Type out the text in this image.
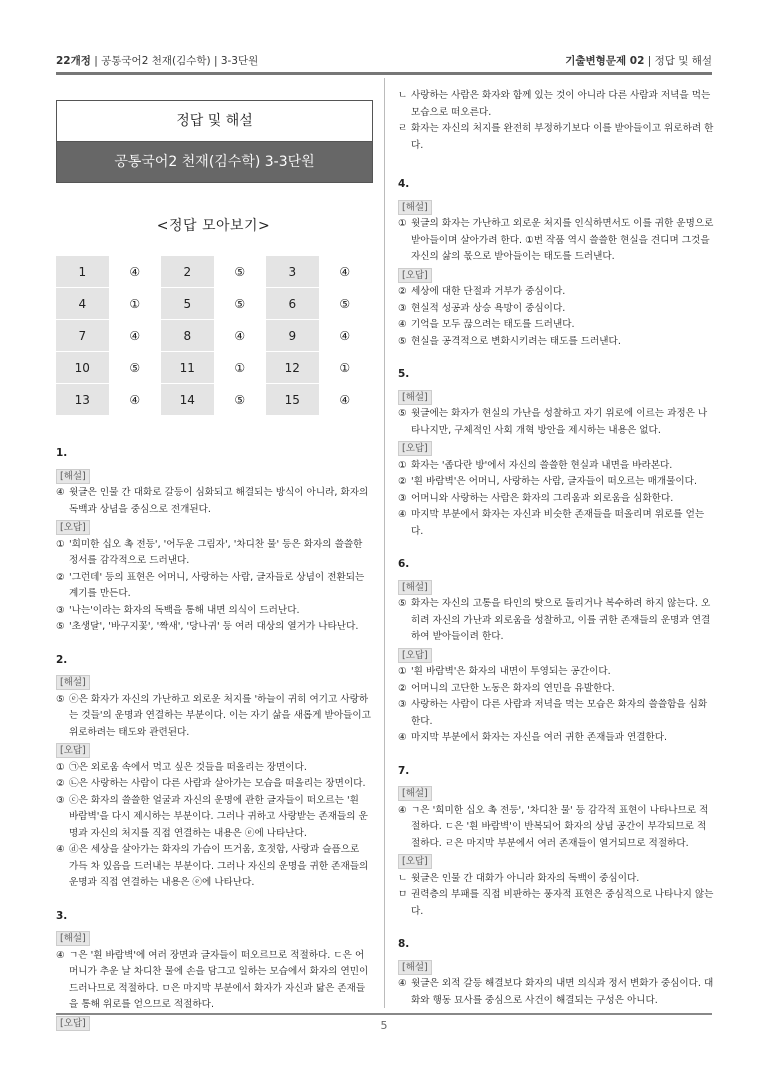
22개정 | 공통국어2 천재(김수학) | 3-3단원	기출변형문제 02 | 정답 및 해설
정답 및 해설
공통국어2 천재(김수학) 3-3단원
<정답 모아보기>
1	④	2	⑤	3	④
4	①	5	⑤	6	⑤
7	④	8	④	9	④
10	⑤	11	①	12	①
13	④	14	⑤	15	④
1.
[해설]
④ 윗글은 인물 간 대화로 갈등이 심화되고 해결되는 방식이 아니라, 화자의 독백과 상념을 중심으로 전개된다.
[오답]
① '희미한 십오 촉 전등', '어두운 그림자', '차디찬 물' 등은 화자의 쓸쓸한 정서를 감각적으로 드러낸다.
② '그런데' 등의 표현은 어머니, 사랑하는 사람, 글자들로 상념이 전환되는 계기를 만든다.
③ '나는'이라는 화자의 독백을 통해 내면 의식이 드러난다.
⑤ '초생달', '바구지꽃', '짝새', '당나귀' 등 여러 대상의 열거가 나타난다.
2.
[해설]
⑤ ⓔ은 화자가 자신의 가난하고 외로운 처지를 '하늘이 귀히 여기고 사랑하는 것들'의 운명과 연결하는 부분이다. 이는 자기 삶을 새롭게 받아들이고 위로하려는 태도와 관련된다.
[오답]
① ㉠은 외로움 속에서 먹고 싶은 것들을 떠올리는 장면이다.
② ㉡은 사랑하는 사람이 다른 사람과 살아가는 모습을 떠올리는 장면이다.
③ ⓒ은 화자의 쓸쓸한 얼굴과 자신의 운명에 관한 글자들이 떠오르는 '흰 바람벽'을 다시 제시하는 부분이다. 그러나 귀하고 사랑받는 존재들의 운명과 자신의 처지를 직접 연결하는 내용은 ⓔ에 나타난다.
④ ⓓ은 세상을 살아가는 화자의 가슴이 뜨거움, 호젓함, 사랑과 슬픔으로 가득 차 있음을 드러내는 부분이다. 그러나 자신의 운명을 귀한 존재들의 운명과 직접 연결하는 내용은 ⓔ에 나타난다.
3.
[해설]
④ ㄱ은 '흰 바람벽'에 여러 장면과 글자들이 떠오르므로 적절하다. ㄷ은 어머니가 추운 날 차디찬 물에 손을 담그고 일하는 모습에서 화자의 연민이 드러나므로 적절하다. ㅁ은 마지막 부분에서 화자가 자신과 닮은 존재들을 통해 위로를 얻으므로 적절하다.
[오답]
ㄴ 사랑하는 사람은 화자와 함께 있는 것이 아니라 다른 사람과 저녁을 먹는 모습으로 떠오른다.
ㄹ 화자는 자신의 처지를 완전히 부정하기보다 이를 받아들이고 위로하려 한다.
4.
[해설]
① 윗글의 화자는 가난하고 외로운 처지를 인식하면서도 이를 귀한 운명으로 받아들이며 살아가려 한다. ①번 작품 역시 쓸쓸한 현실을 견디며 그것을 자신의 삶의 몫으로 받아들이는 태도를 드러낸다.
[오답]
② 세상에 대한 단절과 거부가 중심이다.
③ 현실적 성공과 상승 욕망이 중심이다.
④ 기억을 모두 끊으려는 태도를 드러낸다.
⑤ 현실을 공격적으로 변화시키려는 태도를 드러낸다.
5.
[해설]
⑤ 윗글에는 화자가 현실의 가난을 성찰하고 자기 위로에 이르는 과정은 나타나지만, 구체적인 사회 개혁 방안을 제시하는 내용은 없다.
[오답]
① 화자는 '좁다란 방'에서 자신의 쓸쓸한 현실과 내면을 바라본다.
② '흰 바람벽'은 어머니, 사랑하는 사람, 글자들이 떠오르는 매개물이다.
③ 어머니와 사랑하는 사람은 화자의 그리움과 외로움을 심화한다.
④ 마지막 부분에서 화자는 자신과 비슷한 존재들을 떠올리며 위로를 얻는다.
6.
[해설]
⑤ 화자는 자신의 고통을 타인의 탓으로 돌리거나 복수하려 하지 않는다. 오히려 자신의 가난과 외로움을 성찰하고, 이를 귀한 존재들의 운명과 연결하여 받아들이려 한다.
[오답]
① '흰 바람벽'은 화자의 내면이 투영되는 공간이다.
② 어머니의 고단한 노동은 화자의 연민을 유발한다.
③ 사랑하는 사람이 다른 사람과 저녁을 먹는 모습은 화자의 쓸쓸함을 심화한다.
④ 마지막 부분에서 화자는 자신을 여러 귀한 존재들과 연결한다.
7.
[해설]
④ ㄱ은 '희미한 십오 촉 전등', '차디찬 물' 등 감각적 표현이 나타나므로 적절하다. ㄷ은 '흰 바람벽'이 반복되어 화자의 상념 공간이 부각되므로 적절하다. ㄹ은 마지막 부분에서 여러 존재들이 열거되므로 적절하다.
[오답]
ㄴ 윗글은 인물 간 대화가 아니라 화자의 독백이 중심이다.
ㅁ 권력층의 부패를 직접 비판하는 풍자적 표현은 중심적으로 나타나지 않는다.
8.
[해설]
④ 윗글은 외적 갈등 해결보다 화자의 내면 의식과 정서 변화가 중심이다. 대화와 행동 묘사를 중심으로 사건이 해결되는 구성은 아니다.
5
